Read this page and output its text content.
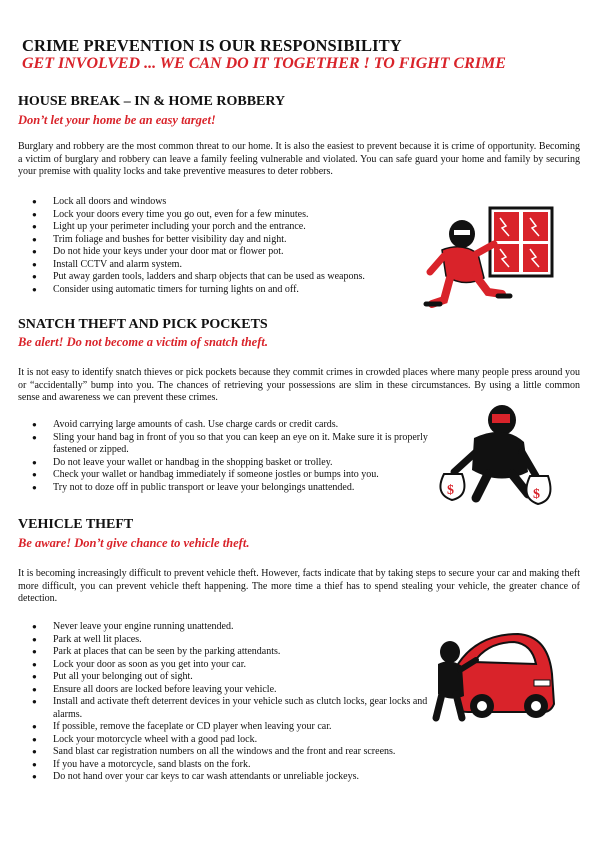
CRIME PREVENTION IS OUR RESPONSIBILITY
GET INVOLVED ... WE CAN DO IT TOGETHER ! TO FIGHT CRIME
HOUSE BREAK – IN & HOME ROBBERY
Don’t let your home be an easy target!
Burglary and robbery are the most common threat to our home. It is also the easiest to prevent because it is crime of opportunity. Becoming a victim of burglary and robbery can leave a family feeling vulnerable and violated. You can safe guard your home and family by securing your premise with quality locks and take preventive measures to deter robbers.
● Lock all doors and windows
● Lock your doors every time you go out, even for a few minutes.
● Light up your perimeter including your porch and the entrance.
● Trim foliage and bushes for better visibility day and night.
● Do not hide your keys under your door mat or flower pot.
● Install CCTV and alarm system.
● Put away garden tools, ladders and sharp objects that can be used as weapons.
● Consider using automatic timers for turning lights on and off.
SNATCH THEFT AND PICK POCKETS
Be alert! Do not become a victim of snatch theft.
It is not easy to identify snatch thieves or pick pockets because they commit crimes in crowded places where many people press around you or “accidentally” bump into you. The chances of retrieving your possessions are slim in these circumstances. By using a little common sense and awareness we can prevent these crimes.
● Avoid carrying large amounts of cash. Use charge cards or credit cards.
● Sling your hand bag in front of you so that you can keep an eye on it. Make sure it is properly fastened or zipped.
● Do not leave your wallet or handbag in the shopping basket or trolley.
● Check your wallet or handbag immediately if someone jostles or bumps into you.
● Try not to doze off in public transport or leave your belongings unattended.	$	$
VEHICLE THEFT
Be aware! Don’t give chance to vehicle theft.
It is becoming increasingly difficult to prevent vehicle theft. However, facts indicate that by taking steps to secure your car and making theft more difficult, you can prevent vehicle theft happening. The more time a thief has to spend stealing your vehicle, the greater chance of detection.
● Never leave your engine running unattended.
● Park at well lit places.
● Park at places that can be seen by the parking attendants.
● Lock your door as soon as you get into your car.
● Put all your belonging out of sight.
● Ensure all doors are locked before leaving your vehicle.
● Install and activate theft deterrent devices in your vehicle such as clutch locks, gear locks and alarms.
● If possible, remove the faceplate or CD player when leaving your car.
● Lock your motorcycle wheel with a good pad lock.
● Sand blast car registration numbers on all the windows and the front and rear screens.
● If you have a motorcycle, sand blasts on the fork.
● Do not hand over your car keys to car wash attendants or unreliable jockeys.
